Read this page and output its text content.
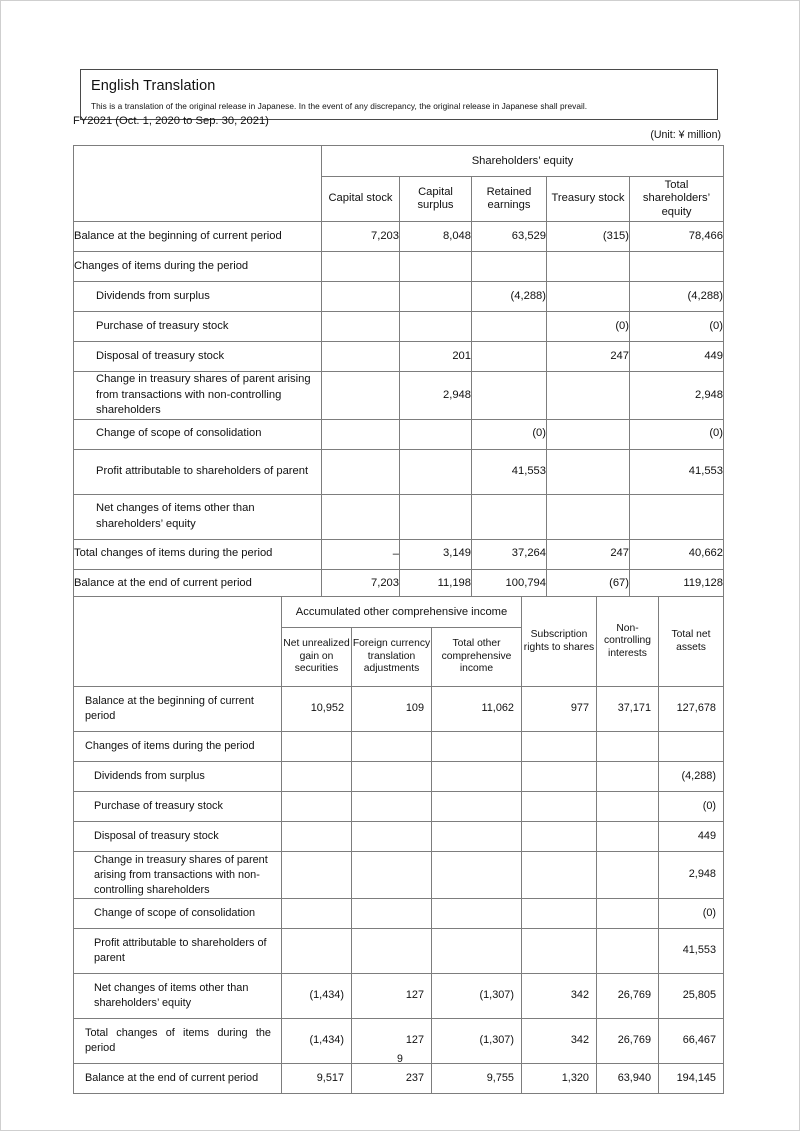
English Translation
This is a translation of the original release in Japanese. In the event of any discrepancy, the original release in Japanese shall prevail.
FY2021 (Oct. 1, 2020 to Sep. 30, 2021)
(Unit: ¥ million)
	Shareholders’ equity				
	Capital stock	Capital surplus	Retained earnings	Treasury stock	Total shareholders’ equity
Balance at the beginning of current period	7,203	8,048	63,529	(315)	78,466
Changes of items during the period					
Dividends from surplus			(4,288)		(4,288)
Purchase of treasury stock				(0)	(0)
Disposal of treasury stock		201		247	449
Change in treasury shares of parent arising from transactions with non-controlling shareholders		2,948			2,948
Change of scope of consolidation			(0)		(0)
Profit attributable to shareholders of parent			41,553		41,553
Net changes of items other than shareholders’ equity					
Total changes of items during the period	–	3,149	37,264	247	40,662
Balance at the end of current period	7,203	11,198	100,794	(67)	119,128
	Accumulated other comprehensive income			Subscription rights to shares	Non-controlling interests	Total net assets
	Net unrealized gain on securities	Foreign currency translation adjustments	Total other comprehensive income			
Balance at the beginning of current period	10,952	109	11,062	977	37,171	127,678
Changes of items during the period						
Dividends from surplus						(4,288)
Purchase of treasury stock						(0)
Disposal of treasury stock						449
Change in treasury shares of parent arising from transactions with non-controlling shareholders						2,948
Change of scope of consolidation						(0)
Profit attributable to shareholders of parent						41,553
Net changes of items other than shareholders’ equity	(1,434)	127	(1,307)	342	26,769	25,805
Total changes of items during the period	(1,434)	127	(1,307)	342	26,769	66,467
Balance at the end of current period	9,517	237	9,755	1,320	63,940	194,145
9
